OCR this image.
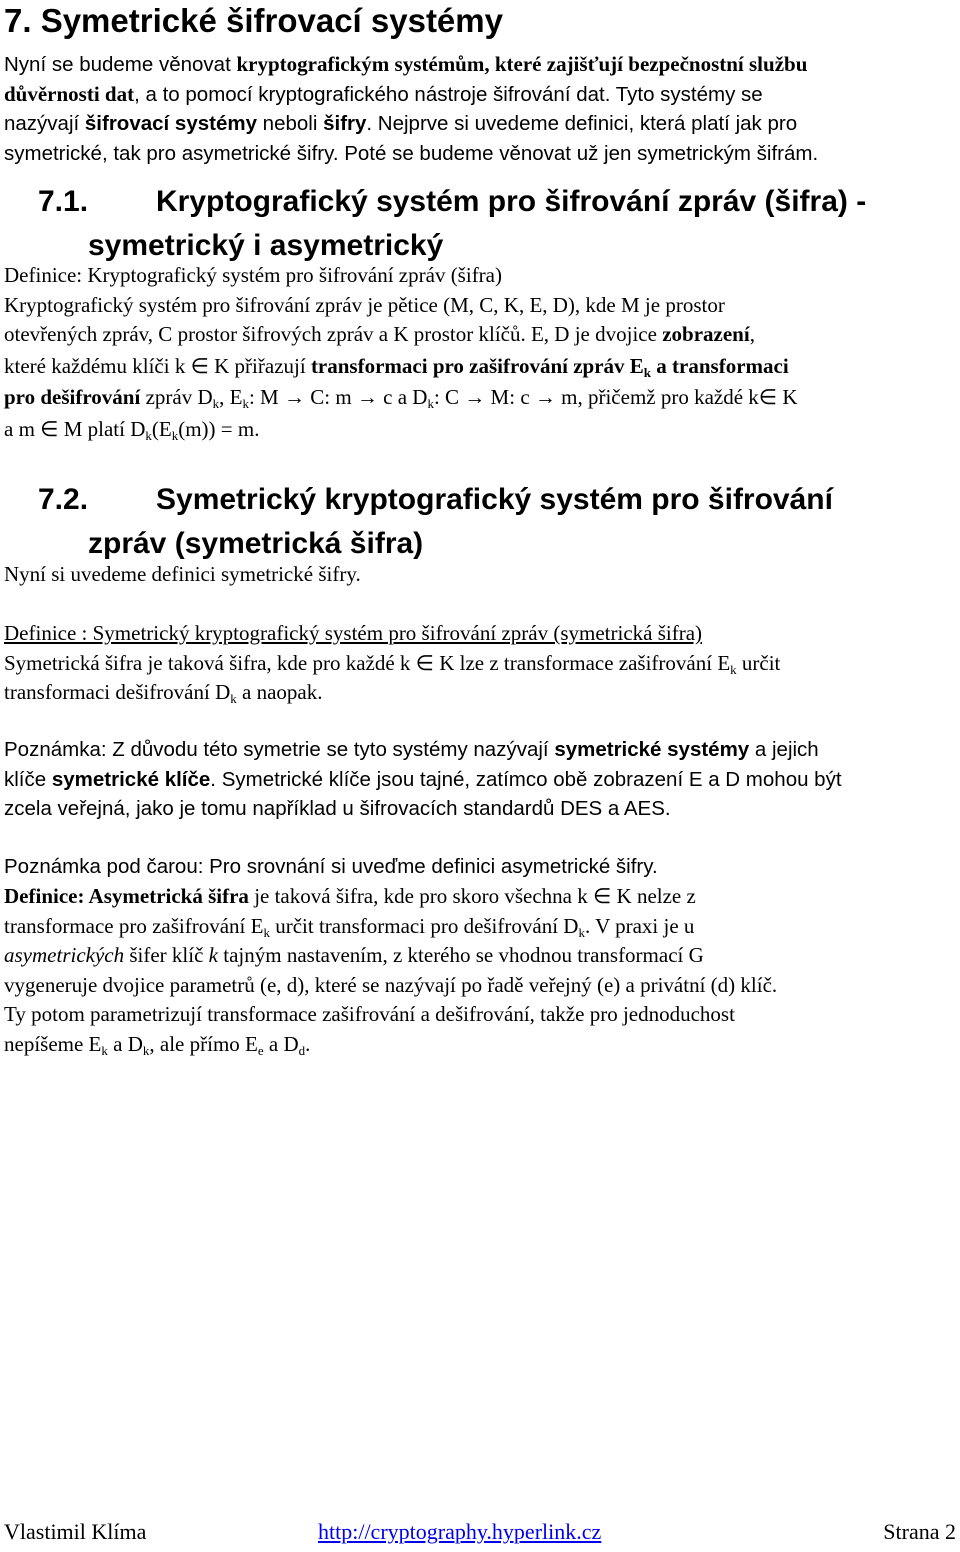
7. Symetrické šifrovací systémy

Nyní se budeme věnovat kryptografickým systémům, které zajišťují bezpečnostní službu
důvěrnosti dat, a to pomocí kryptografického nástroje šifrování dat. Tyto systémy se
nazývají šifrovací systémy neboli šifry. Nejprve si uvedeme definici, která platí jak pro
symetrické, tak pro asymetrické šifry. Poté se budeme věnovat už jen symetrickým šifrám.

7.1. Kryptografický systém pro šifrování zpráv (šifra) -
symetrický i asymetrický

Definice: Kryptografický systém pro šifrování zpráv (šifra)
Kryptografický systém pro šifrování zpráv je pětice (M, C, K, E, D), kde M je prostor
otevřených zpráv, C prostor šifrových zpráv a K prostor klíčů. E, D je dvojice zobrazení,
které každému klíči k ∈ K přiřazují transformaci pro zašifrování zpráv $E_k$ a transformaci
pro dešifrování zpráv $D_k$, $E_k$: M → C: m → c a $D_k$: C → M: c → m, přičemž pro každé k∈ K
a m ∈ M platí $D_k(E_k(m)) = m$.

7.2. Symetrický kryptografický systém pro šifrování
zpráv (symetrická šifra)

Nyní si uvedeme definici symetrické šifry.

Definice : Symetrický kryptografický systém pro šifrování zpráv (symetrická šifra)
Symetrická šifra je taková šifra, kde pro každé k ∈ K lze z transformace zašifrování $E_k$ určit
transformaci dešifrování $D_k$ a naopak.

Poznámka: Z důvodu této symetrie se tyto systémy nazývají symetrické systémy a jejich
klíče symetrické klíče. Symetrické klíče jsou tajné, zatímco obě zobrazení E a D mohou být
zcela veřejná, jako je tomu například u šifrovacích standardů DES a AES.

Poznámka pod čarou: Pro srovnání si uveďme definici asymetrické šifry.

Definice: Asymetrická šifra je taková šifra, kde pro skoro všechna k ∈ K nelze z
transformace pro zašifrování $E_k$ určit transformaci pro dešifrování $D_k$. V praxi je u
asymetrických šifer klíč k tajným nastavením, z kterého se vhodnou transformací G
vygeneruje dvojice parametrů (e, d), které se nazývají po řadě veřejný (e) a privátní (d) klíč.
Ty potom parametrizují transformace zašifrování a dešifrování, takže pro jednoduchost
nepíšeme $E_k$ a $D_k$, ale přímo $E_e$ a $D_d$.

Vlastimil Klíma	http://cryptography.hyperlink.cz	Strana 2
